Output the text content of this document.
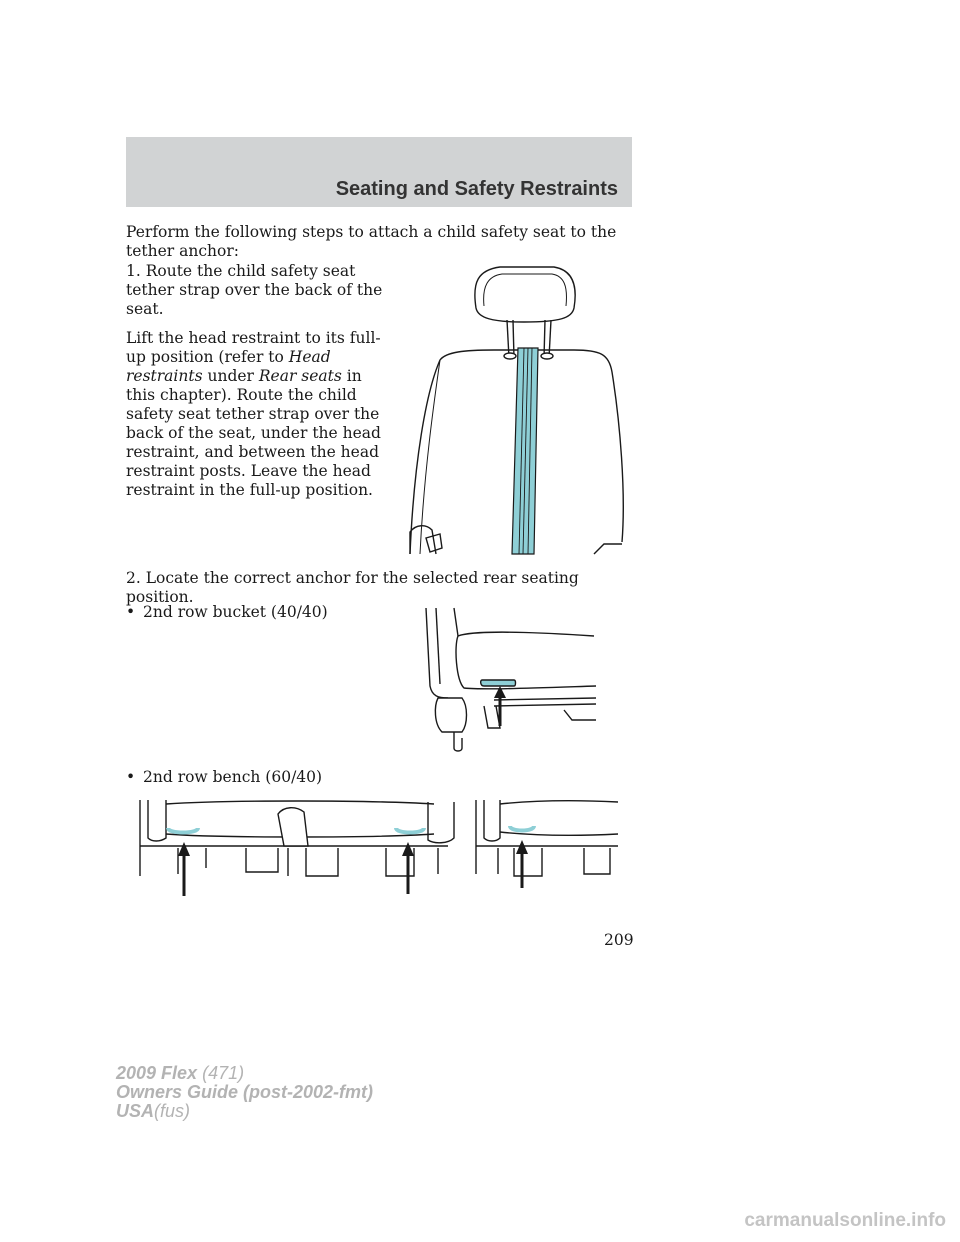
Seating and Safety Restraints
Perform the following steps to attach a child safety seat to the tether anchor:

1. Route the child safety seat tether strap over the back of the seat.

Lift the head restraint to its full-up position (refer to Head restraints under Rear seats in this chapter). Route the child safety seat tether strap over the back of the seat, under the head restraint, and between the head restraint posts. Leave the head restraint in the full-up position.

2. Locate the correct anchor for the selected rear seating position.
• 2nd row bucket (40/40)
• 2nd row bench (60/40)
209
2009 Flex (471)
Owners Guide (post-2002-fmt)
USA(fus)
carmanualsonline.info
